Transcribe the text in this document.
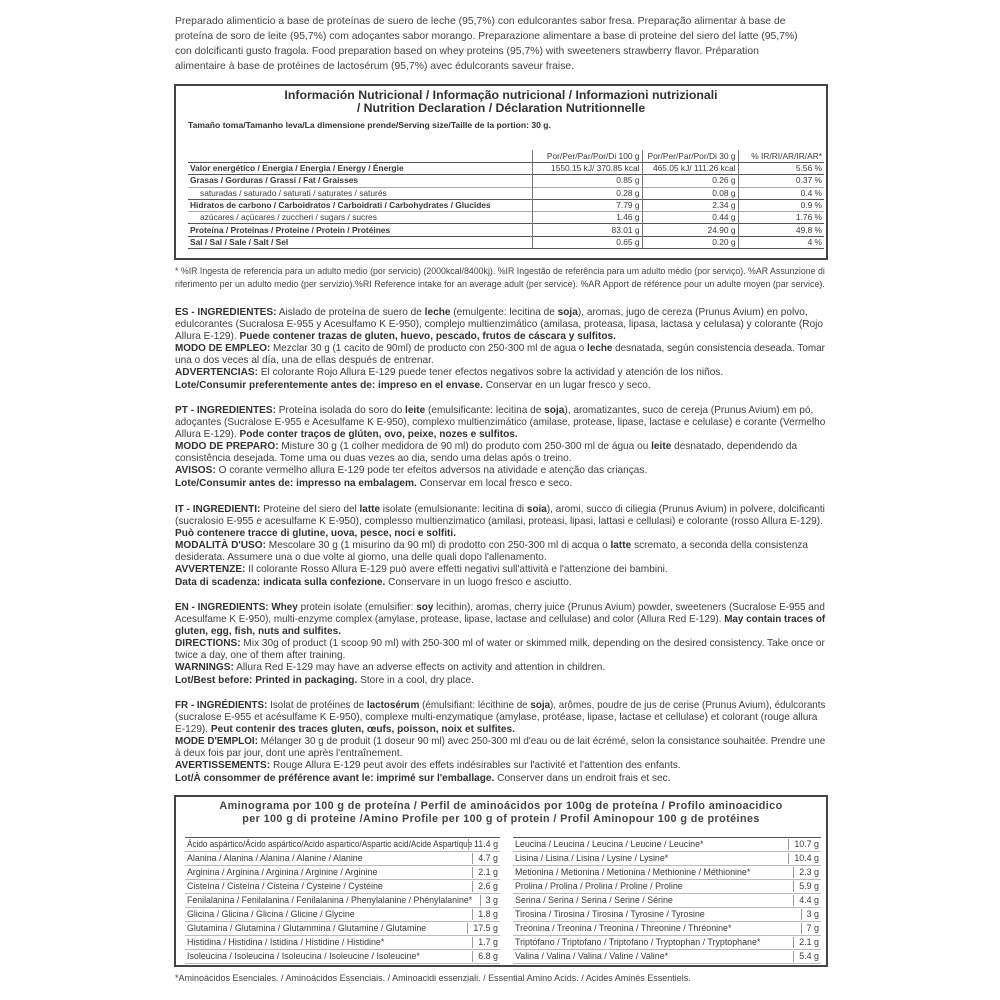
Preparado alimenticio a base de proteínas de suero de leche (95,7%) con edulcorantes sabor fresa. Preparação alimentar à base de
proteína de soro de leite (95,7%) com adoçantes sabor morango. Preparazione alimentare a base di proteine del siero del latte (95,7%)
con dolcificanti gusto fragola. Food preparation based on whey proteins (95,7%) with sweeteners strawberry flavor. Préparation
alimentaire à base de protéines de lactosérum (95,7%) avec édulcorants saveur fraise.
Información Nutricional / Informação nutricional / Informazioni nutrizionali
/ Nutrition Declaration / Déclaration Nutritionnelle
Tamaño toma/Tamanho leva/La dimensione prende/Serving size/Taille de la portion: 30 g.
	Por/Per/Par/Por/Di 100 g	Por/Per/Par/Por/Di 30 g	% IR/RI/AR/IR/AR*
Valor energético / Energia / Energia / Energy / Énergie	1550.15 kJ/ 370.85 kcal	465.05 kJ/ 111.26 kcal	5.56 %
Grasas / Gorduras / Grassi / Fat / Graisses	0.85 g	0.26 g	0.37 %
saturadas / saturado / saturati / saturates / saturés	0.28 g	0.08 g	0.4 %
Hidratos de carbono / Carboidratos / Carboidrati / Carbohydrates / Glucides	7.79 g	2.34 g	0.9 %
azúcares / açúcares / zuccheri / sugars / sucres	1.46 g	0.44 g	1.76 %
Proteína / Proteínas / Proteine / Protein / Protéines	83.01 g	24.90 g	49.8 %
Sal / Sal / Sale / Salt / Sel	0.65 g	0.20 g	4 %
* %IR Ingesta de referencia para un adulto medio (por servicio) (2000kcal/8400kj). %IR Ingestão de referência para um adulto médio (por serviço). %AR Assunzione di
riferimento per un adulto medio (per servizio).%RI Reference intake for an average adult (per service). %AR Apport de référence pour un adulte moyen (par service).
ES - INGREDIENTES: Aislado de proteína de suero de leche (emulgente: lecitina de soja), aromas, jugo de cereza (Prunus Avium) en polvo,
edulcorantes (Sucralosa E-955 y Acesulfamo K E-950), complejo multienzimático (amilasa, proteasa, lipasa, lactasa y celulasa) y colorante (Rojo
Allura E-129). Puede contener trazas de gluten, huevo, pescado, frutos de cáscara y sulfitos.
MODO DE EMPLEO: Mezclar 30 g (1 cacito de 90ml) de producto con 250-300 ml de agua o leche desnatada, según consistencia deseada. Tomar
una o dos veces al día, una de ellas después de entrenar.
ADVERTENCIAS: El colorante Rojo Allura E-129 puede tener efectos negativos sobre la actividad y atención de los niños.
Lote/Consumir preferentemente antes de: impreso en el envase. Conservar en un lugar fresco y seco.
PT - INGREDIENTES: Proteína isolada do soro do leite (emulsificante: lecitina de soja), aromatizantes, suco de cereja (Prunus Avium) em pó,
adoçantes (Sucralose E-955 e Acesulfame K E-950), complexo multienzimático (amilase, protease, lipase, lactase e celulase) e corante (Vermelho
Allura E-129). Pode conter traços de glúten, ovo, peixe, nozes e sulfitos.
MODO DE PREPARO: Misture 30 g (1 colher medidora de 90 ml) do produto com 250-300 ml de água ou leite desnatado, dependendo da
consistência desejada. Tome uma ou duas vezes ao dia, sendo uma delas após o treino.
AVISOS: O corante vermelho allura E-129 pode ter efeitos adversos na atividade e atenção das crianças.
Lote/Consumir antes de: impresso na embalagem. Conservar em local fresco e seco.
IT - INGREDIENTI: Proteine del siero del latte isolate (emulsionante: lecitina di soia), aromi, succo di ciliegia (Prunus Avium) in polvere, dolcificanti
(sucralosio E-955 e acesulfame K E-950), complesso multienzimatico (amilasi, proteasi, lipasi, lattasi e cellulasi) e colorante (rosso Allura E-129).
Può contenere tracce di glutine, uova, pesce, noci e solfiti.
MODALITÀ D'USO: Mescolare 30 g (1 misurino da 90 ml) di prodotto con 250-300 ml di acqua o latte scremato, a seconda della consistenza
desiderata. Assumere una o due volte al giorno, una delle quali dopo l'allenamento.
AVVERTENZE: Il colorante Rosso Allura E-129 può avere effetti negativi sull'attività e l'attenzione dei bambini.
Data di scadenza: indicata sulla confezione. Conservare in un luogo fresco e asciutto.
EN - INGREDIENTS: Whey protein isolate (emulsifier: soy lecithin), aromas, cherry juice (Prunus Avium) powder, sweeteners (Sucralose E-955 and
Acesulfame K E-950), multi-enzyme complex (amylase, protease, lipase, lactase and cellulase) and color (Allura Red E-129). May contain traces of
gluten, egg, fish, nuts and sulfites.
DIRECTIONS: Mix 30g of product (1 scoop 90 ml) with 250-300 ml of water or skimmed milk, depending on the desired consistency. Take once or
twice a day, one of them after training.
WARNINGS: Allura Red E-129 may have an adverse effects on activity and attention in children.
Lot/Best before: Printed in packaging. Store in a cool, dry place.
FR - INGRÉDIENTS: Isolat de protéines de lactosérum (émulsifiant: lécithine de soja), arômes, poudre de jus de cerise (Prunus Avium), édulcorants
(sucralose E-955 et acésulfame K E-950), complexe multi-enzymatique (amylase, protéase, lipase, lactase et cellulase) et colorant (rouge allura
E-129). Peut contenir des traces gluten, œufs, poisson, noix et sulfites.
MODE D'EMPLOI: Mélanger 30 g de produit (1 doseur 90 ml) avec 250-300 ml d'eau ou de lait écrémé, selon la consistance souhaitée. Prendre une
à deux fois par jour, dont une après l'entraînement.
AVERTISSEMENTS: Rouge Allura E-129 peut avoir des effets indésirables sur l'activité et l'attention des enfants.
Lot/À consommer de préférence avant le: imprimé sur l'emballage. Conserver dans un endroit frais et sec.
Aminograma por 100 g de proteína / Perfil de aminoácidos por 100g de proteína / Profilo aminoacidico per 100 g di proteine /Amino Profile per 100 g of protein / Profil Aminopour 100 g de protéines
Ácido aspártico/Ácido aspártico/Acido aspartico/Aspartic acid/Acide Aspartique 11.4 g
Alanina / Alanina / Alanina / Alanine / Alanine	4.7 g
Arginina / Arginina / Arginina / Arginine / Arginine	2.1 g
Cisteína / Cisteína / Cisteina / Cysteine / Cystéine	2.6 g
Fenilalanina / Fenilalanina / Fenilalanina / Phenylalanine / Phénylalanine* 3 g
Glicina / Glicina / Glicina / Glicine / Glycine	1.8 g
Glutamina / Glutamina / Glutammina / Glutamine / Glutamine	17.5 g
Histidina / Histidina / Istidina / Histidine / Histidine*	1.7 g
Isoleucina / Isoleucina / Isoleucina / Isoleucine / Isoleucine*	6.8 g
Leucina / Leucina / Leucina / Leucine / Leucine*	10.7 g
Lisina / Lisina / Lisina / Lysine / Lysine*	10.4 g
Metionina / Metionina / Metionina / Methionine / Méthionine*	2.3 g
Prolina / Prolina / Prolina / Proline / Proline	5.9 g
Serina / Serina / Serina / Serine / Sérine	4.4 g
Tirosina / Tirosina / Tirosina / Tyrosine / Tyrosine	3 g
Treonina / Treonina / Treonina / Threonine / Thréonine*	7 g
Triptófano / Triptofano / Triptofano / Tryptophan / Tryptophane*	2.1 g
Valina / Valina / Valina / Valine / Valine*	5.4 g
*Aminoácidos Esenciales. / Aminoácidos Essenciais. / Aminoacidi essenziali. / Essential Amino Acids. / Acides Aminés Essentiels.
